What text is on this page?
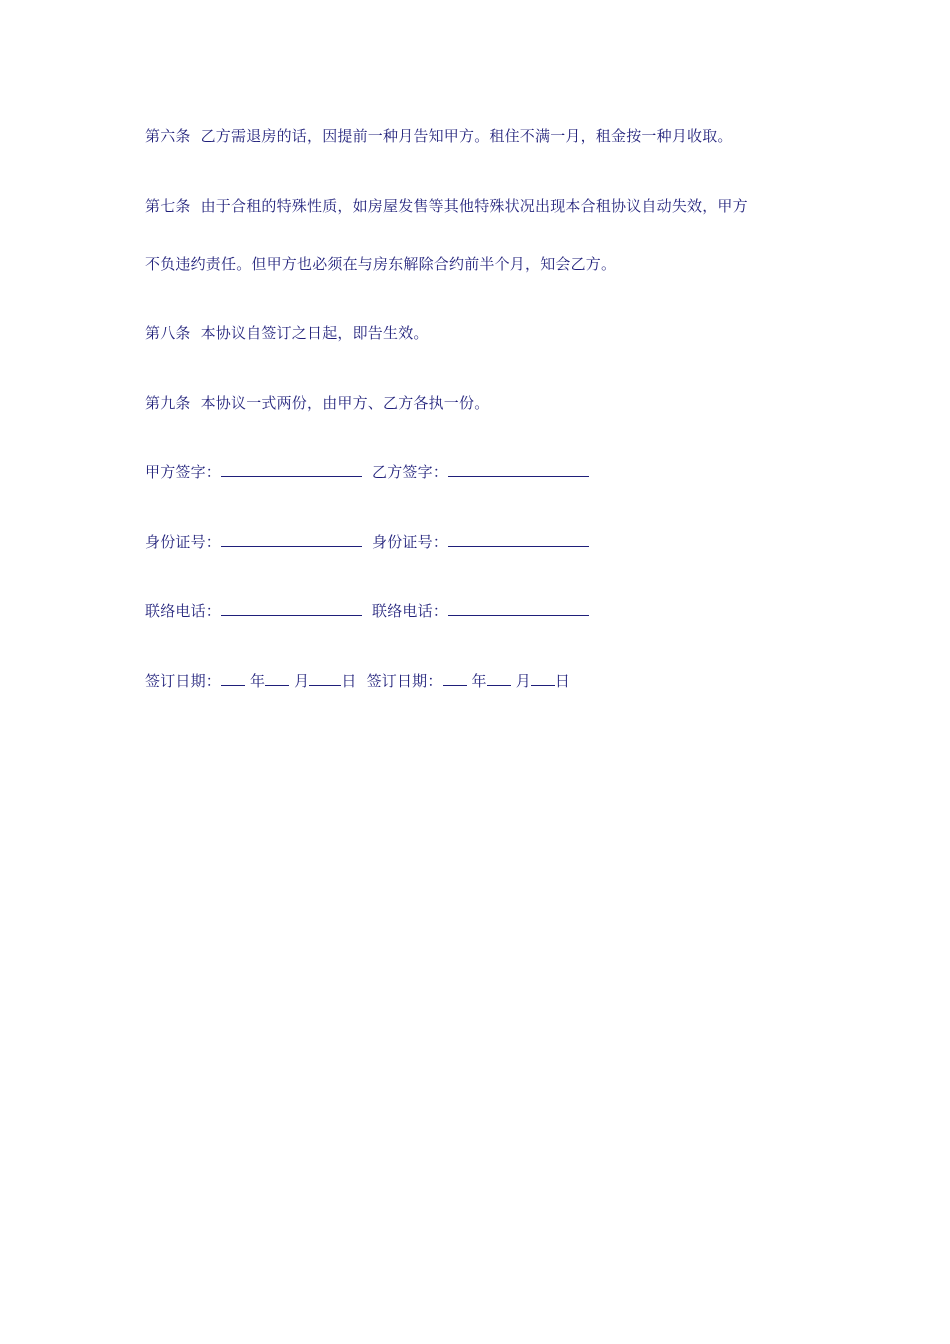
第六条 乙方需退房的话，因提前一种月告知甲方。租住不满一月，租金按一种月收取。
第七条 由于合租的特殊性质，如房屋发售等其他特殊状况出现本合租协议自动失效，甲方
不负违约责任。但甲方也必须在与房东解除合约前半个月，知会乙方。
第八条 本协议自签订之日起，即告生效。
第九条 本协议一式两份，由甲方、乙方各执一份。
甲方签字：	乙方签字：
身份证号：	身份证号：
联络电话：	联络电话：
签订日期： 年 月 日 签订日期： 年 月 日
